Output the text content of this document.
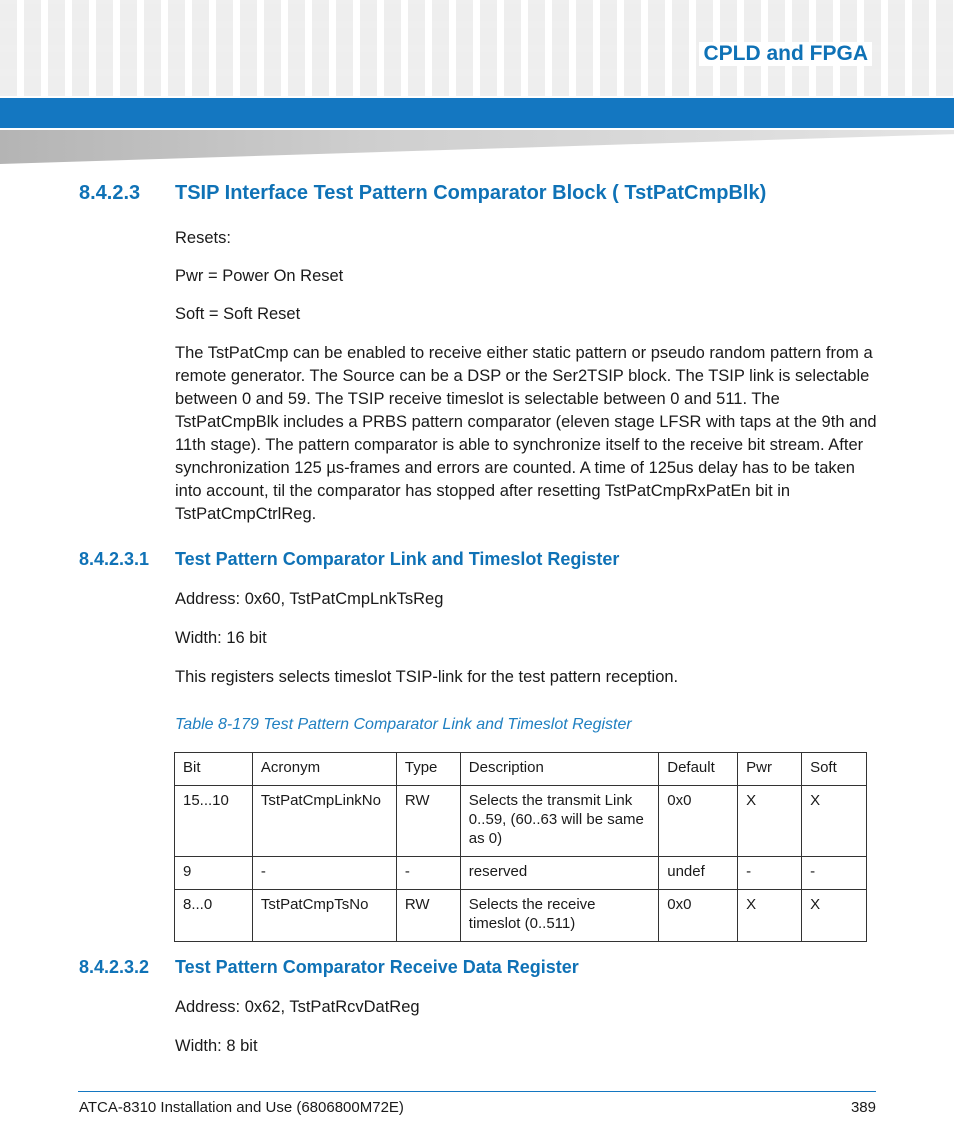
CPLD and FPGA
8.4.2.3 TSIP Interface Test Pattern Comparator Block ( TstPatCmpBlk)
Resets:
Pwr = Power On Reset
Soft = Soft Reset
The TstPatCmp can be enabled to receive either static pattern or pseudo random pattern from a remote generator. The Source can be a DSP or the Ser2TSIP block. The TSIP link is selectable between 0 and 59. The TSIP receive timeslot is selectable between 0 and 511. The TstPatCmpBlk includes a PRBS pattern comparator (eleven stage LFSR with taps at the 9th and 11th stage). The pattern comparator is able to synchronize itself to the receive bit stream. After synchronization 125 µs-frames and errors are counted. A time of 125us delay has to be taken into account, til the comparator has stopped after resetting TstPatCmpRxPatEn bit in TstPatCmpCtrlReg.
8.4.2.3.1 Test Pattern Comparator Link and Timeslot Register
Address: 0x60, TstPatCmpLnkTsReg
Width: 16 bit
This registers selects timeslot TSIP-link for the test pattern reception.
Table 8-179 Test Pattern Comparator Link and Timeslot Register
Bit	Acronym	Type	Description	Default	Pwr	Soft
15...10	TstPatCmpLinkNo	RW	Selects the transmit Link 0..59, (60..63 will be same as 0)	0x0	X	X
9	-	-	reserved	undef	-	-
8...0	TstPatCmpTsNo	RW	Selects the receive timeslot (0..511)	0x0	X	X
8.4.2.3.2 Test Pattern Comparator Receive Data Register
Address: 0x62, TstPatRcvDatReg
Width: 8 bit
ATCA-8310 Installation and Use (6806800M72E)	389
